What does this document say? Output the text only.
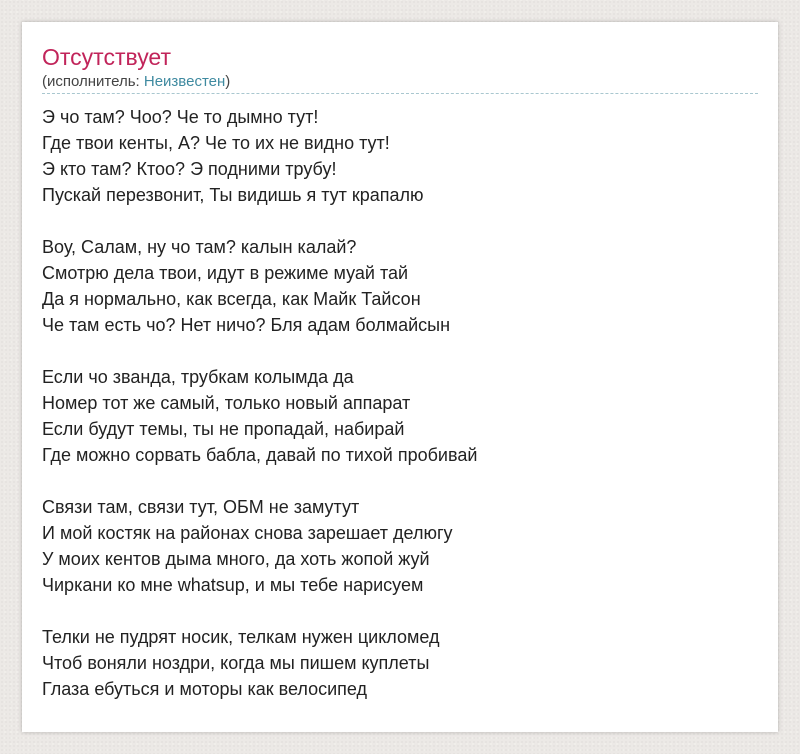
Отсутствует
(исполнитель: Неизвестен)
Э чо там? Чоо? Че то дымно тут!
Где твои кенты, А? Че то их не видно тут!
Э кто там? Ктоо? Э подними трубу!
Пускай перезвонит, Ты видишь я тут крапалю
Воу, Салам, ну чо там? калын калай?
Смотрю дела твои, идут в режиме муай тай
Да я нормально, как всегда, как Майк Тайсон
Че там есть чо? Нет ничо? Бля адам болмайсын
Если чо званда, трубкам колымда да
Номер тот же самый, только новый аппарат
Если будут темы, ты не пропадай, набирай
Где можно сорвать бабла, давай по тихой пробивай
Связи там, связи тут, ОБМ не замутут
И мой костяк на районах снова зарешает делюгу
У моих кентов дыма много, да хоть жопой жуй
Чиркани ко мне whatsup, и мы тебе нарисуем
Телки не пудрят носик, телкам нужен цикломед
Чтоб воняли ноздри, когда мы пишем куплеты
Глаза ебуться и моторы как велосипед
